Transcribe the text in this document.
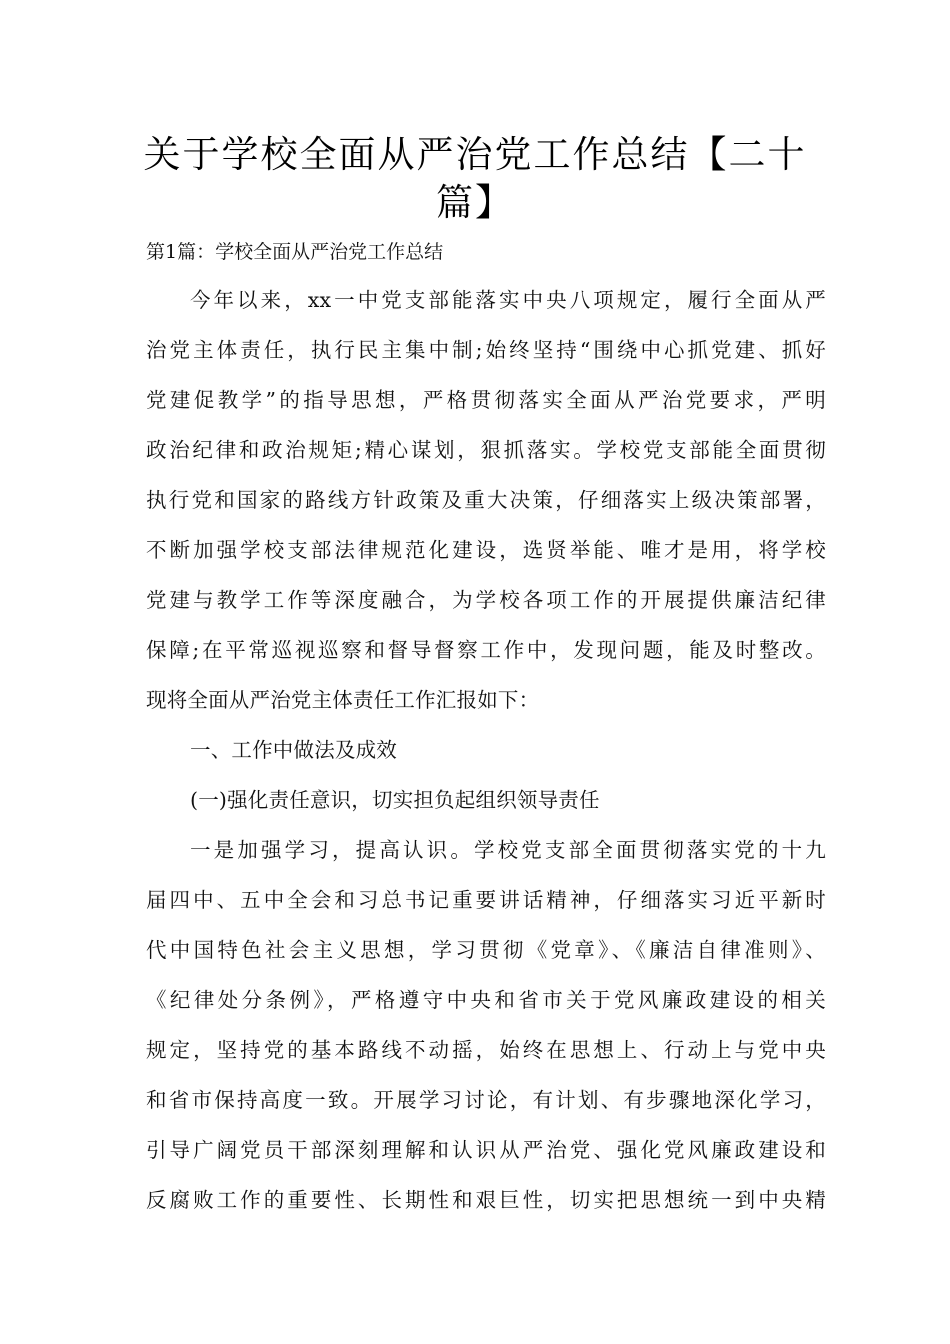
关于学校全面从严治党工作总结【二十
篇】
第1篇：学校全面从严治党工作总结
今年以来，xx一中党支部能落实中央八项规定，履行全面从严
治党主体责任，执行民主集中制;始终坚持“围绕中心抓党建、抓好
党建促教学”的指导思想，严格贯彻落实全面从严治党要求，严明
政治纪律和政治规矩;精心谋划，狠抓落实。学校党支部能全面贯彻
执行党和国家的路线方针政策及重大决策，仔细落实上级决策部署，
不断加强学校支部法律规范化建设，选贤举能、唯才是用，将学校
党建与教学工作等深度融合，为学校各项工作的开展提供廉洁纪律
保障;在平常巡视巡察和督导督察工作中，发现问题，能及时整改。
现将全面从严治党主体责任工作汇报如下：
一、工作中做法及成效
(一)强化责任意识，切实担负起组织领导责任
一是加强学习，提高认识。学校党支部全面贯彻落实党的十九
届四中、五中全会和习总书记重要讲话精神，仔细落实习近平新时
代中国特色社会主义思想，学习贯彻《党章》、《廉洁自律准则》、
《纪律处分条例》，严格遵守中央和省市关于党风廉政建设的相关
规定，坚持党的基本路线不动摇，始终在思想上、行动上与党中央
和省市保持高度一致。开展学习讨论，有计划、有步骤地深化学习，
引导广阔党员干部深刻理解和认识从严治党、强化党风廉政建设和
反腐败工作的重要性、长期性和艰巨性，切实把思想统一到中央精
